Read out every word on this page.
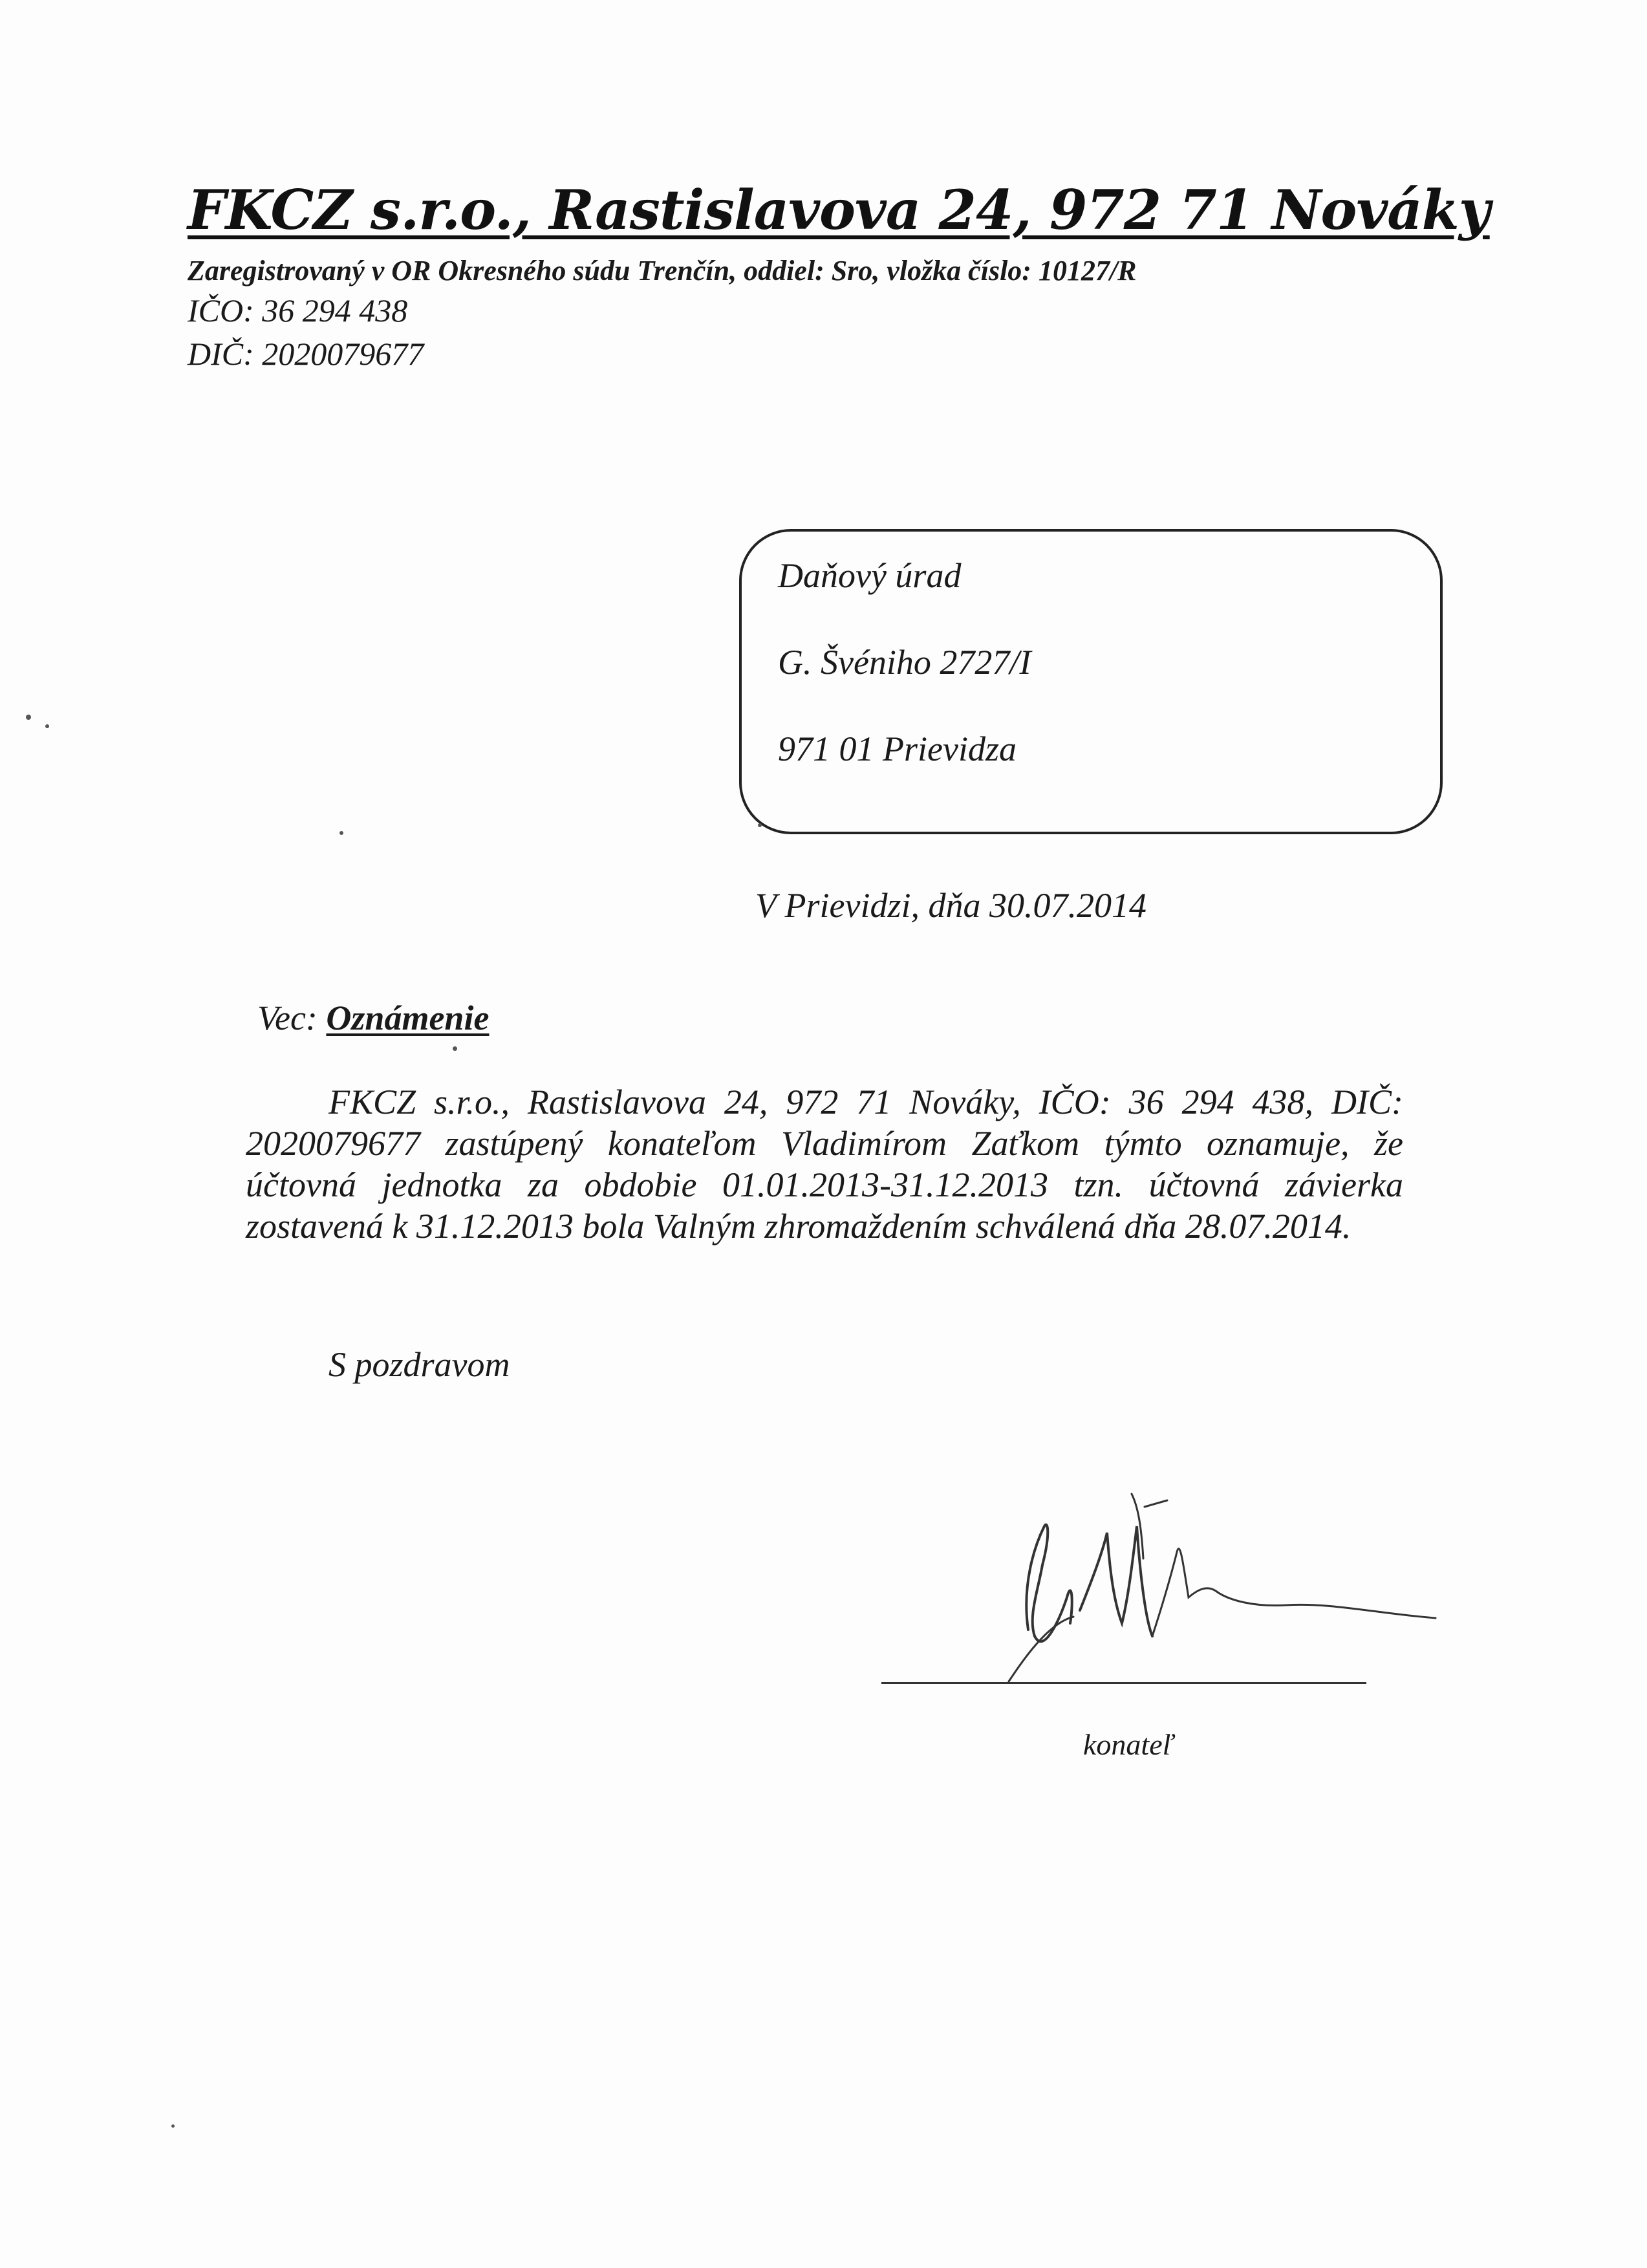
FKCZ s.r.o., Rastislavova 24, 972 71 Nováky
Zaregistrovaný v OR Okresného súdu Trenčín, oddiel: Sro, vložka číslo: 10127/R
IČO: 36 294 438
DIČ: 2020079677
Daňový úrad
G. Švéniho 2727/I
971 01 Prievidza
V Prievidzi, dňa 30.07.2014
Vec: Oznámenie
FKCZ s.r.o., Rastislavova 24, 972 71 Nováky, IČO: 36 294 438, DIČ: 2020079677 zastúpený konateľom Vladimírom Zaťkom týmto oznamuje, že účtovná jednotka za obdobie 01.01.2013-31.12.2013 tzn. účtovná závierka zostavená k 31.12.2013 bola Valným zhromaždením schválená dňa 28.07.2014.
S pozdravom
konateľ
